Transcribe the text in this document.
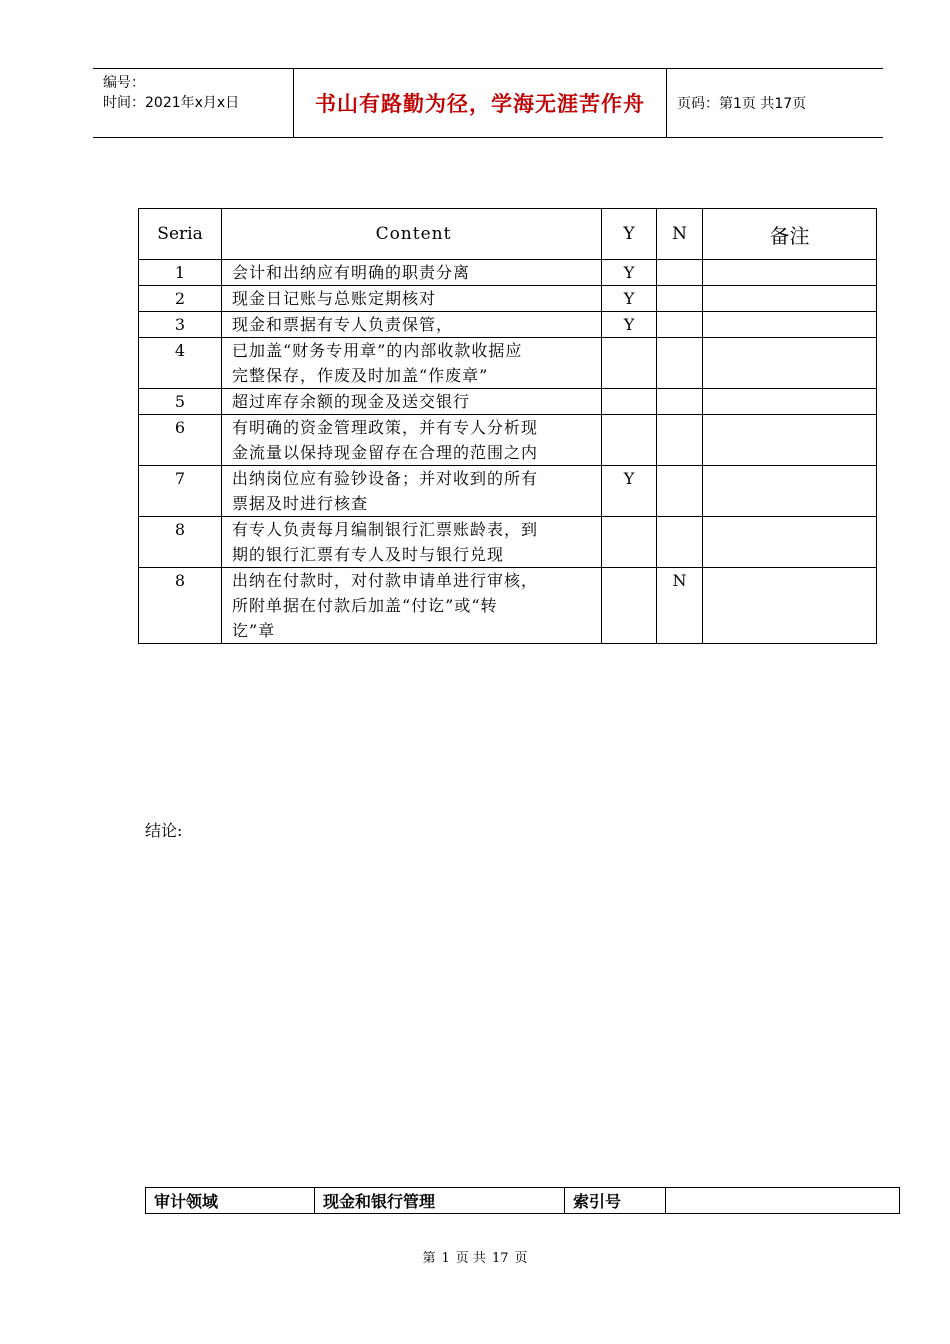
编号：
时间：2021年x月x日	书山有路勤为径，学海无涯苦作舟	页码：第1页 共17页
Seria	Content	Y	N	备注
1	会计和出纳应有明确的职责分离	Y		
2	现金日记账与总账定期核对	Y		
3	现金和票据有专人负责保管，	Y		
4	已加盖“财务专用章”的内部收款收据应
完整保存，作废及时加盖“作废章”			

5	超过库存余额的现金及送交银行			

6	有明确的资金管理政策，并有专人分析现
金流量以保持现金留存在合理的范围之内			

7	出纳岗位应有验钞设备；并对收到的所有
票据及时进行核查	Y		
8	有专人负责每月编制银行汇票账龄表，到
期的银行汇票有专人及时与银行兑现			

8	出纳在付款时，对付款申请单进行审核，
所附单据在付款后加盖“付讫”或“转
讫”章		N	
结论:
审计领域	现金和银行管理	索引号	
第 1 页 共 17 页
